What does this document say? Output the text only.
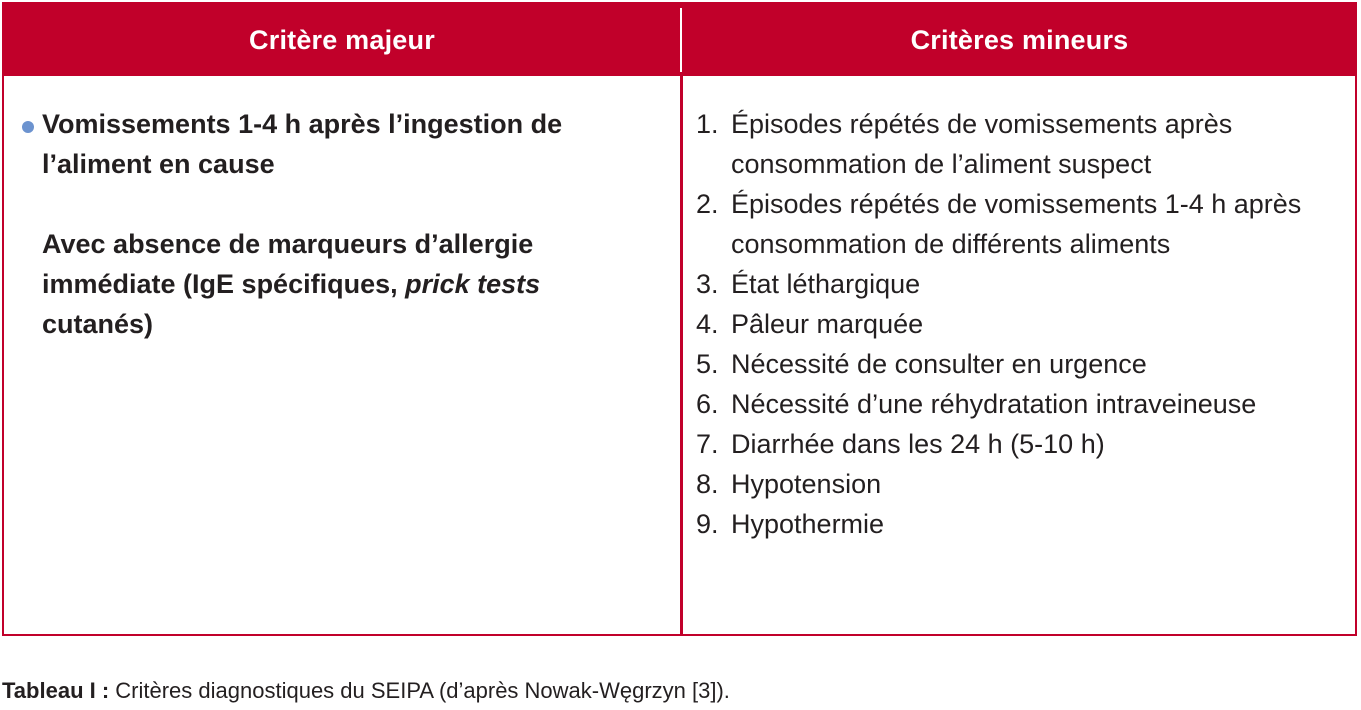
Critère majeur	Critères mineurs

Vomissements 1-4 h après l’ingestion de l’aliment en cause

Avec absence de marqueurs d’allergie immédiate (IgE spécifiques, prick tests cutanés)

1. Épisodes répétés de vomissements après consommation de l’aliment suspect
2. Épisodes répétés de vomissements 1-4 h après consommation de différents aliments
3. État léthargique
4. Pâleur marquée
5. Nécessité de consulter en urgence
6. Nécessité d’une réhydratation intraveineuse
7. Diarrhée dans les 24 h (5-10 h)
8. Hypotension
9. Hypothermie
Tableau I : Critères diagnostiques du SEIPA (d’après Nowak-Węgrzyn [3]).
